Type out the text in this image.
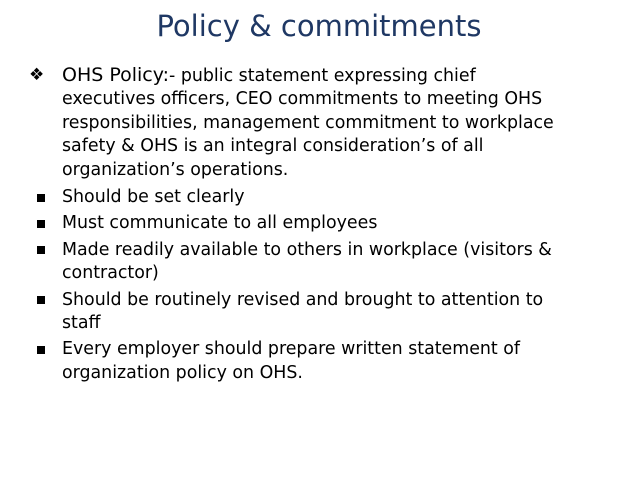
Policy & commitments
❖ OHS Policy:- public statement expressing chief
executives officers, CEO commitments to meeting OHS
responsibilities, management commitment to workplace
safety & OHS is an integral consideration’s of all
organization’s operations.
Should be set clearly
Must communicate to all employees
Made readily available to others in workplace (visitors &
contractor)
Should be routinely revised and brought to attention to
staff
Every employer should prepare written statement of
organization policy on OHS.
